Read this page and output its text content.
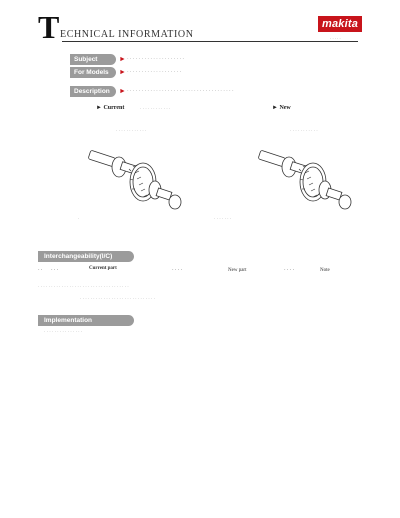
T ECHNICAL INFORMATION
makita
· · · · ·
Subject	► · · · · · · · · · · · · · · · · · · · ·
For Models	► · · · · · · · · · · · · · · · · · · ·
Description	► · · · · · · · · · · · · · · · · · · · · · · · · · · · · · · · · · · · · ·
► Current	· · · · · · · · · · · ·	► New
· · · · · · · · · · · ·	· · · · · · · · · · ·
·	· · · · · · ·
Interchangeability(I/C)
· · · · ·	Current part	· · · ·	New part	· · · ·	Note
· · · · · · · · · · · · · · · · · · · · · · · · · · · · · · · · · · ·
· · · · · · · · · · · · · · · · · · · · · · · · · · · · ·
Implementation
· · · · · · · · · · · · · · ·
